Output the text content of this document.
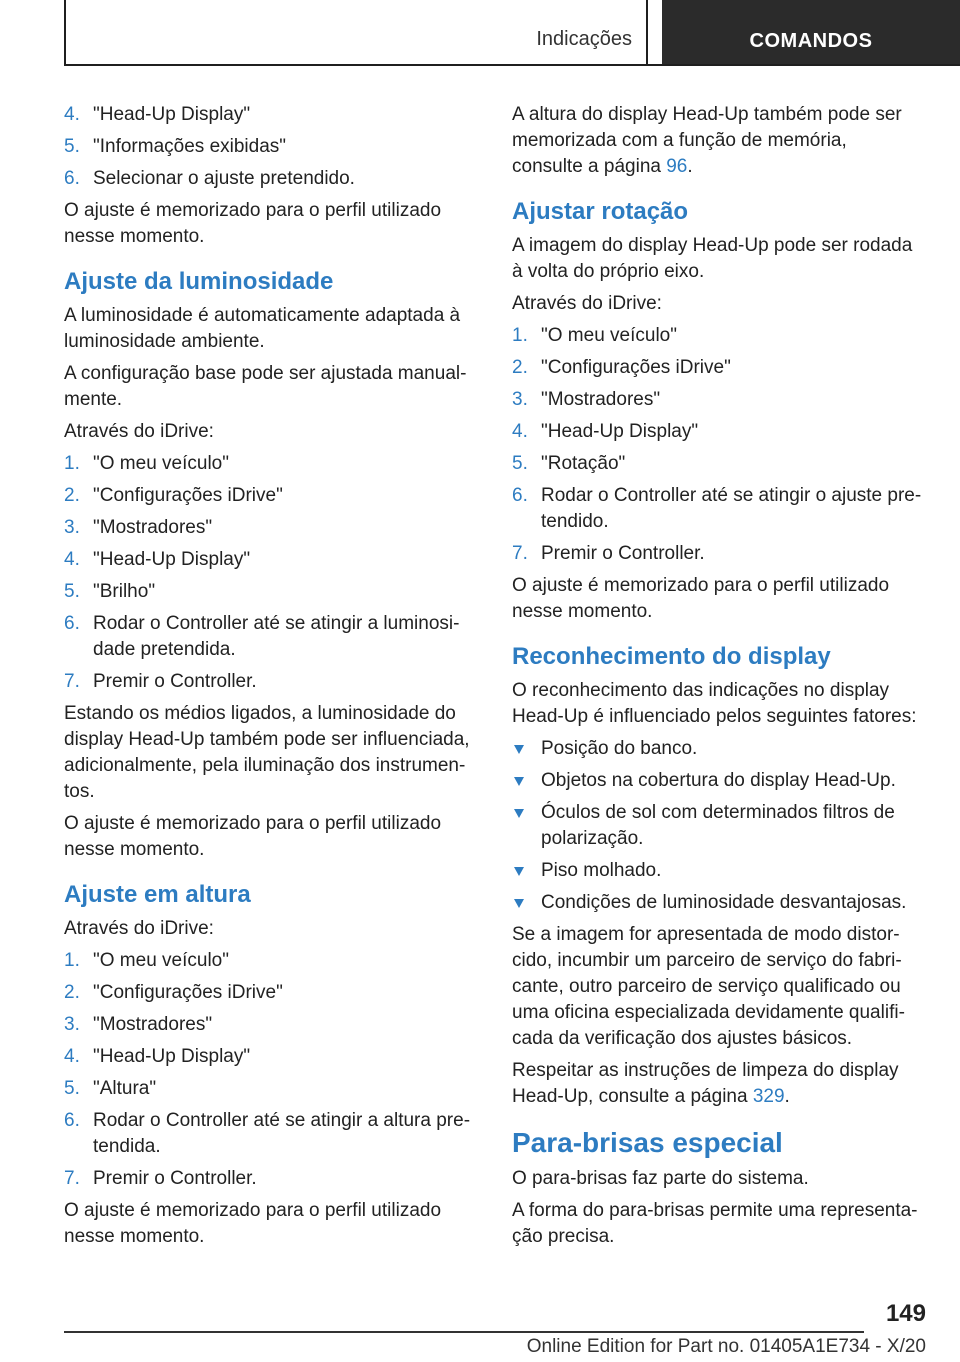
Indicações	COMANDOS
4. "Head-Up Display"
5. "Informações exibidas"
6. Selecionar o ajuste pretendido.

O ajuste é memorizado para o perfil utilizado nesse momento.

Ajuste da luminosidade

A luminosidade é automaticamente adaptada à luminosidade ambiente.

A configuração base pode ser ajustada manual-mente.

Através do iDrive:

1. "O meu veículo"
2. "Configurações iDrive"
3. "Mostradores"
4. "Head-Up Display"
5. "Brilho"
6. Rodar o Controller até se atingir a luminosi-dade pretendida.
7. Premir o Controller.

Estando os médios ligados, a luminosidade do display Head-Up também pode ser influenciada, adicionalmente, pela iluminação dos instrumen-tos.

O ajuste é memorizado para o perfil utilizado nesse momento.

Ajuste em altura

Através do iDrive:

1. "O meu veículo"
2. "Configurações iDrive"
3. "Mostradores"
4. "Head-Up Display"
5. "Altura"
6. Rodar o Controller até se atingir a altura pre-tendida.
7. Premir o Controller.

O ajuste é memorizado para o perfil utilizado nesse momento.

A altura do display Head-Up também pode ser memorizada com a função de memória, consulte a página 96.

Ajustar rotação

A imagem do display Head-Up pode ser rodada à volta do próprio eixo.

Através do iDrive:

1. "O meu veículo"
2. "Configurações iDrive"
3. "Mostradores"
4. "Head-Up Display"
5. "Rotação"
6. Rodar o Controller até se atingir o ajuste pre-tendido.
7. Premir o Controller.

O ajuste é memorizado para o perfil utilizado nesse momento.

Reconhecimento do display

O reconhecimento das indicações no display Head-Up é influenciado pelos seguintes fatores:

Posição do banco.
Objetos na cobertura do display Head-Up.
Óculos de sol com determinados filtros de polarização.
Piso molhado.
Condições de luminosidade desvantajosas.

Se a imagem for apresentada de modo distor-cido, incumbir um parceiro de serviço do fabri-cante, outro parceiro de serviço qualificado ou uma oficina especializada devidamente qualifi-cada da verificação dos ajustes básicos.

Respeitar as instruções de limpeza do display Head-Up, consulte a página 329.

Para-brisas especial

O para-brisas faz parte do sistema.

A forma do para-brisas permite uma representa-ção precisa.

149
Online Edition for Part no. 01405A1E734 - X/20
